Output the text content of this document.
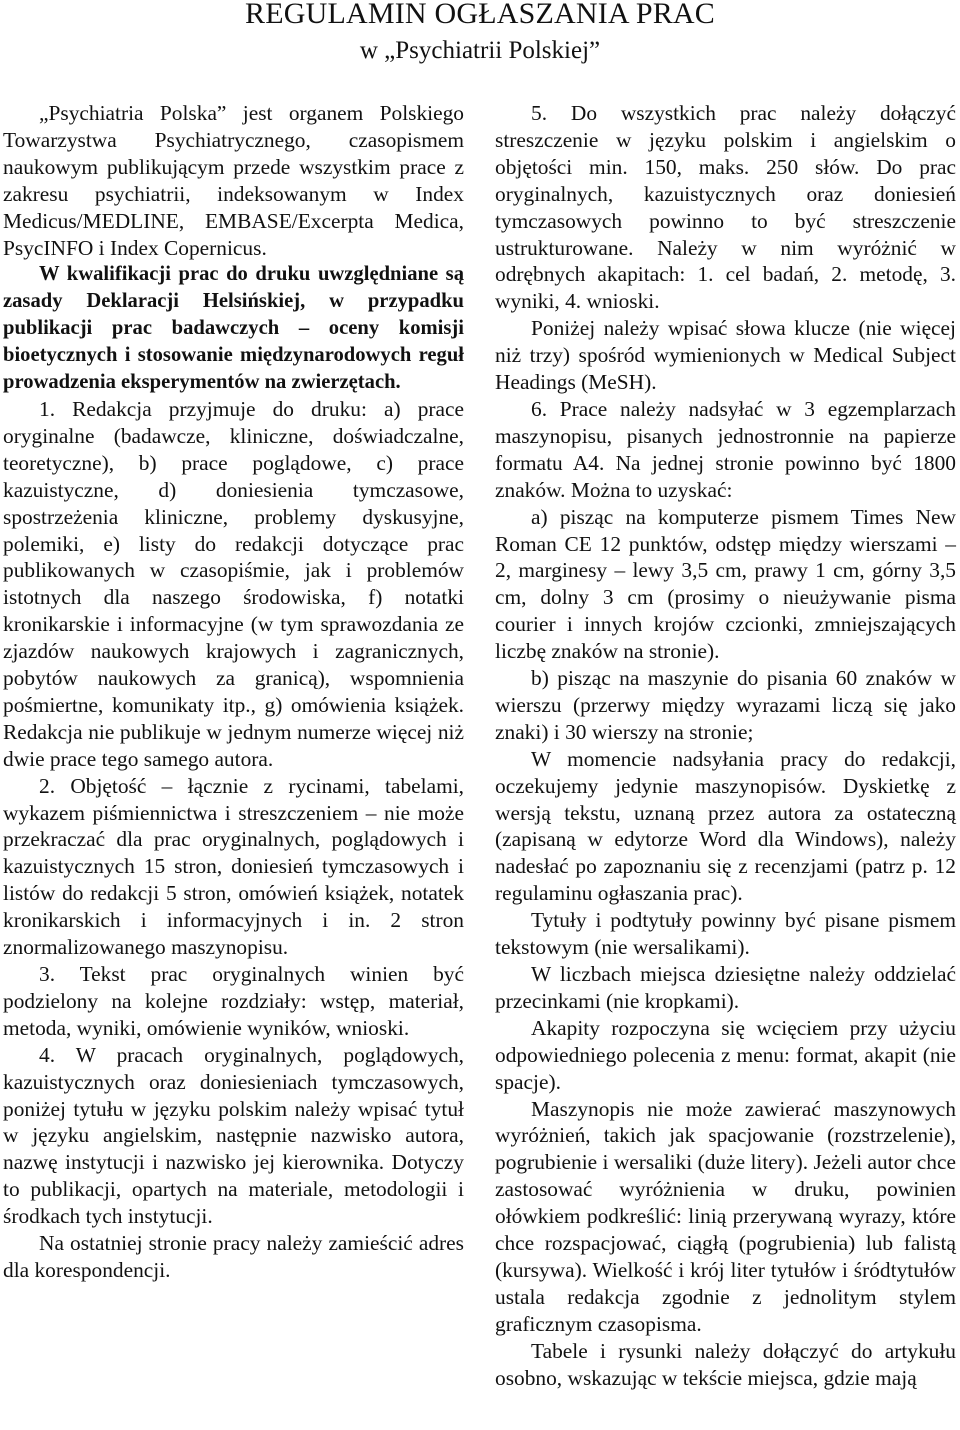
REGULAMIN OGŁASZANIA PRAC
w „Psychiatrii Polskiej”

„Psychiatria Polska” jest organem Polskiego Towarzystwa Psychiatrycznego, czasopismem naukowym publikującym przede wszystkim prace z zakresu psychiatrii, indeksowanym w Index Medicus/MEDLINE, EMBASE/Excerpta Medica, PsycINFO i Index Copernicus.

W kwalifikacji prac do druku uwzględniane są zasady Deklaracji Helsińskiej, w przypadku publikacji prac badawczych – oceny komisji bioetycznych i stosowanie międzynarodowych reguł prowadzenia eksperymentów na zwierzętach.

1. Redakcja przyjmuje do druku: a) prace oryginalne (badawcze, kliniczne, doświadczalne, teoretyczne), b) prace poglądowe, c) prace kazuistyczne, d) doniesienia tymczasowe, spostrzeżenia kliniczne, problemy dyskusyjne, polemiki, e) listy do redakcji dotyczące prac publikowanych w czasopiśmie, jak i problemów istotnych dla naszego środowiska, f) notatki kronikarskie i informacyjne (w tym sprawozdania ze zjazdów naukowych krajowych i zagranicznych, pobytów naukowych za granicą), wspomnienia pośmiertne, komunikaty itp., g) omówienia książek. Redakcja nie publikuje w jednym numerze więcej niż dwie prace tego samego autora.

2. Objętość – łącznie z rycinami, tabelami, wykazem piśmiennictwa i streszczeniem – nie może przekraczać dla prac oryginalnych, poglądowych i kazuistycznych 15 stron, doniesień tymczasowych i listów do redakcji 5 stron, omówień książek, notatek kronikarskich i informacyjnych i in. 2 stron znormalizowanego maszynopisu.

3. Tekst prac oryginalnych winien być podzielony na kolejne rozdziały: wstęp, materiał, metoda, wyniki, omówienie wyników, wnioski.

4. W pracach oryginalnych, poglądowych, kazuistycznych oraz doniesieniach tymczasowych, poniżej tytułu w języku polskim należy wpisać tytuł w języku angielskim, następnie nazwisko autora, nazwę instytucji i nazwisko jej kierownika. Dotyczy to publikacji, opartych na materiale, metodologii i środkach tych instytucji.

Na ostatniej stronie pracy należy zamieścić adres dla korespondencji.

5. Do wszystkich prac należy dołączyć streszczenie w języku polskim i angielskim o objętości min. 150, maks. 250 słów. Do prac oryginalnych, kazuistycznych oraz doniesień tymczasowych powinno to być streszczenie ustrukturowane. Należy w nim wyróżnić w odrębnych akapitach: 1. cel badań, 2. metodę, 3. wyniki, 4. wnioski.

Poniżej należy wpisać słowa klucze (nie więcej niż trzy) spośród wymienionych w Medical Subject Headings (MeSH).

6. Prace należy nadsyłać w 3 egzemplarzach maszynopisu, pisanych jednostronnie na papierze formatu A4. Na jednej stronie powinno być 1800 znaków. Można to uzyskać:

a) pisząc na komputerze pismem Times New Roman CE 12 punktów, odstęp między wierszami – 2, marginesy – lewy 3,5 cm, prawy 1 cm, górny 3,5 cm, dolny 3 cm (prosimy o nieużywanie pisma courier i innych krojów czcionki, zmniejszających liczbę znaków na stronie).

b) pisząc na maszynie do pisania 60 znaków w wierszu (przerwy między wyrazami liczą się jako znaki) i 30 wierszy na stronie;

W momencie nadsyłania pracy do redakcji, oczekujemy jedynie maszynopisów. Dyskietkę z wersją tekstu, uznaną przez autora za ostateczną (zapisaną w edytorze Word dla Windows), należy nadesłać po zapoznaniu się z recenzjami (patrz p. 12 regulaminu ogłaszania prac).

Tytuły i podtytuły powinny być pisane pismem tekstowym (nie wersalikami).

W liczbach miejsca dziesiętne należy oddzielać przecinkami (nie kropkami).

Akapity rozpoczyna się wcięciem przy użyciu odpowiedniego polecenia z menu: format, akapit (nie spacje).

Maszynopis nie może zawierać maszynowych wyróżnień, takich jak spacjowanie (rozstrzelenie), pogrubienie i wersaliki (duże litery). Jeżeli autor chce zastosować wyróżnienia w druku, powinien ołówkiem podkreślić: linią przerywaną wyrazy, które chce rozspacjować, ciągłą (pogrubienia) lub falistą (kursywa). Wielkość i krój liter tytułów i śródtytułów ustala redakcja zgodnie z jednolitym stylem graficznym czasopisma.

Tabele i rysunki należy dołączyć do artykułu osobno, wskazując w tekście miejsca, gdzie mają
